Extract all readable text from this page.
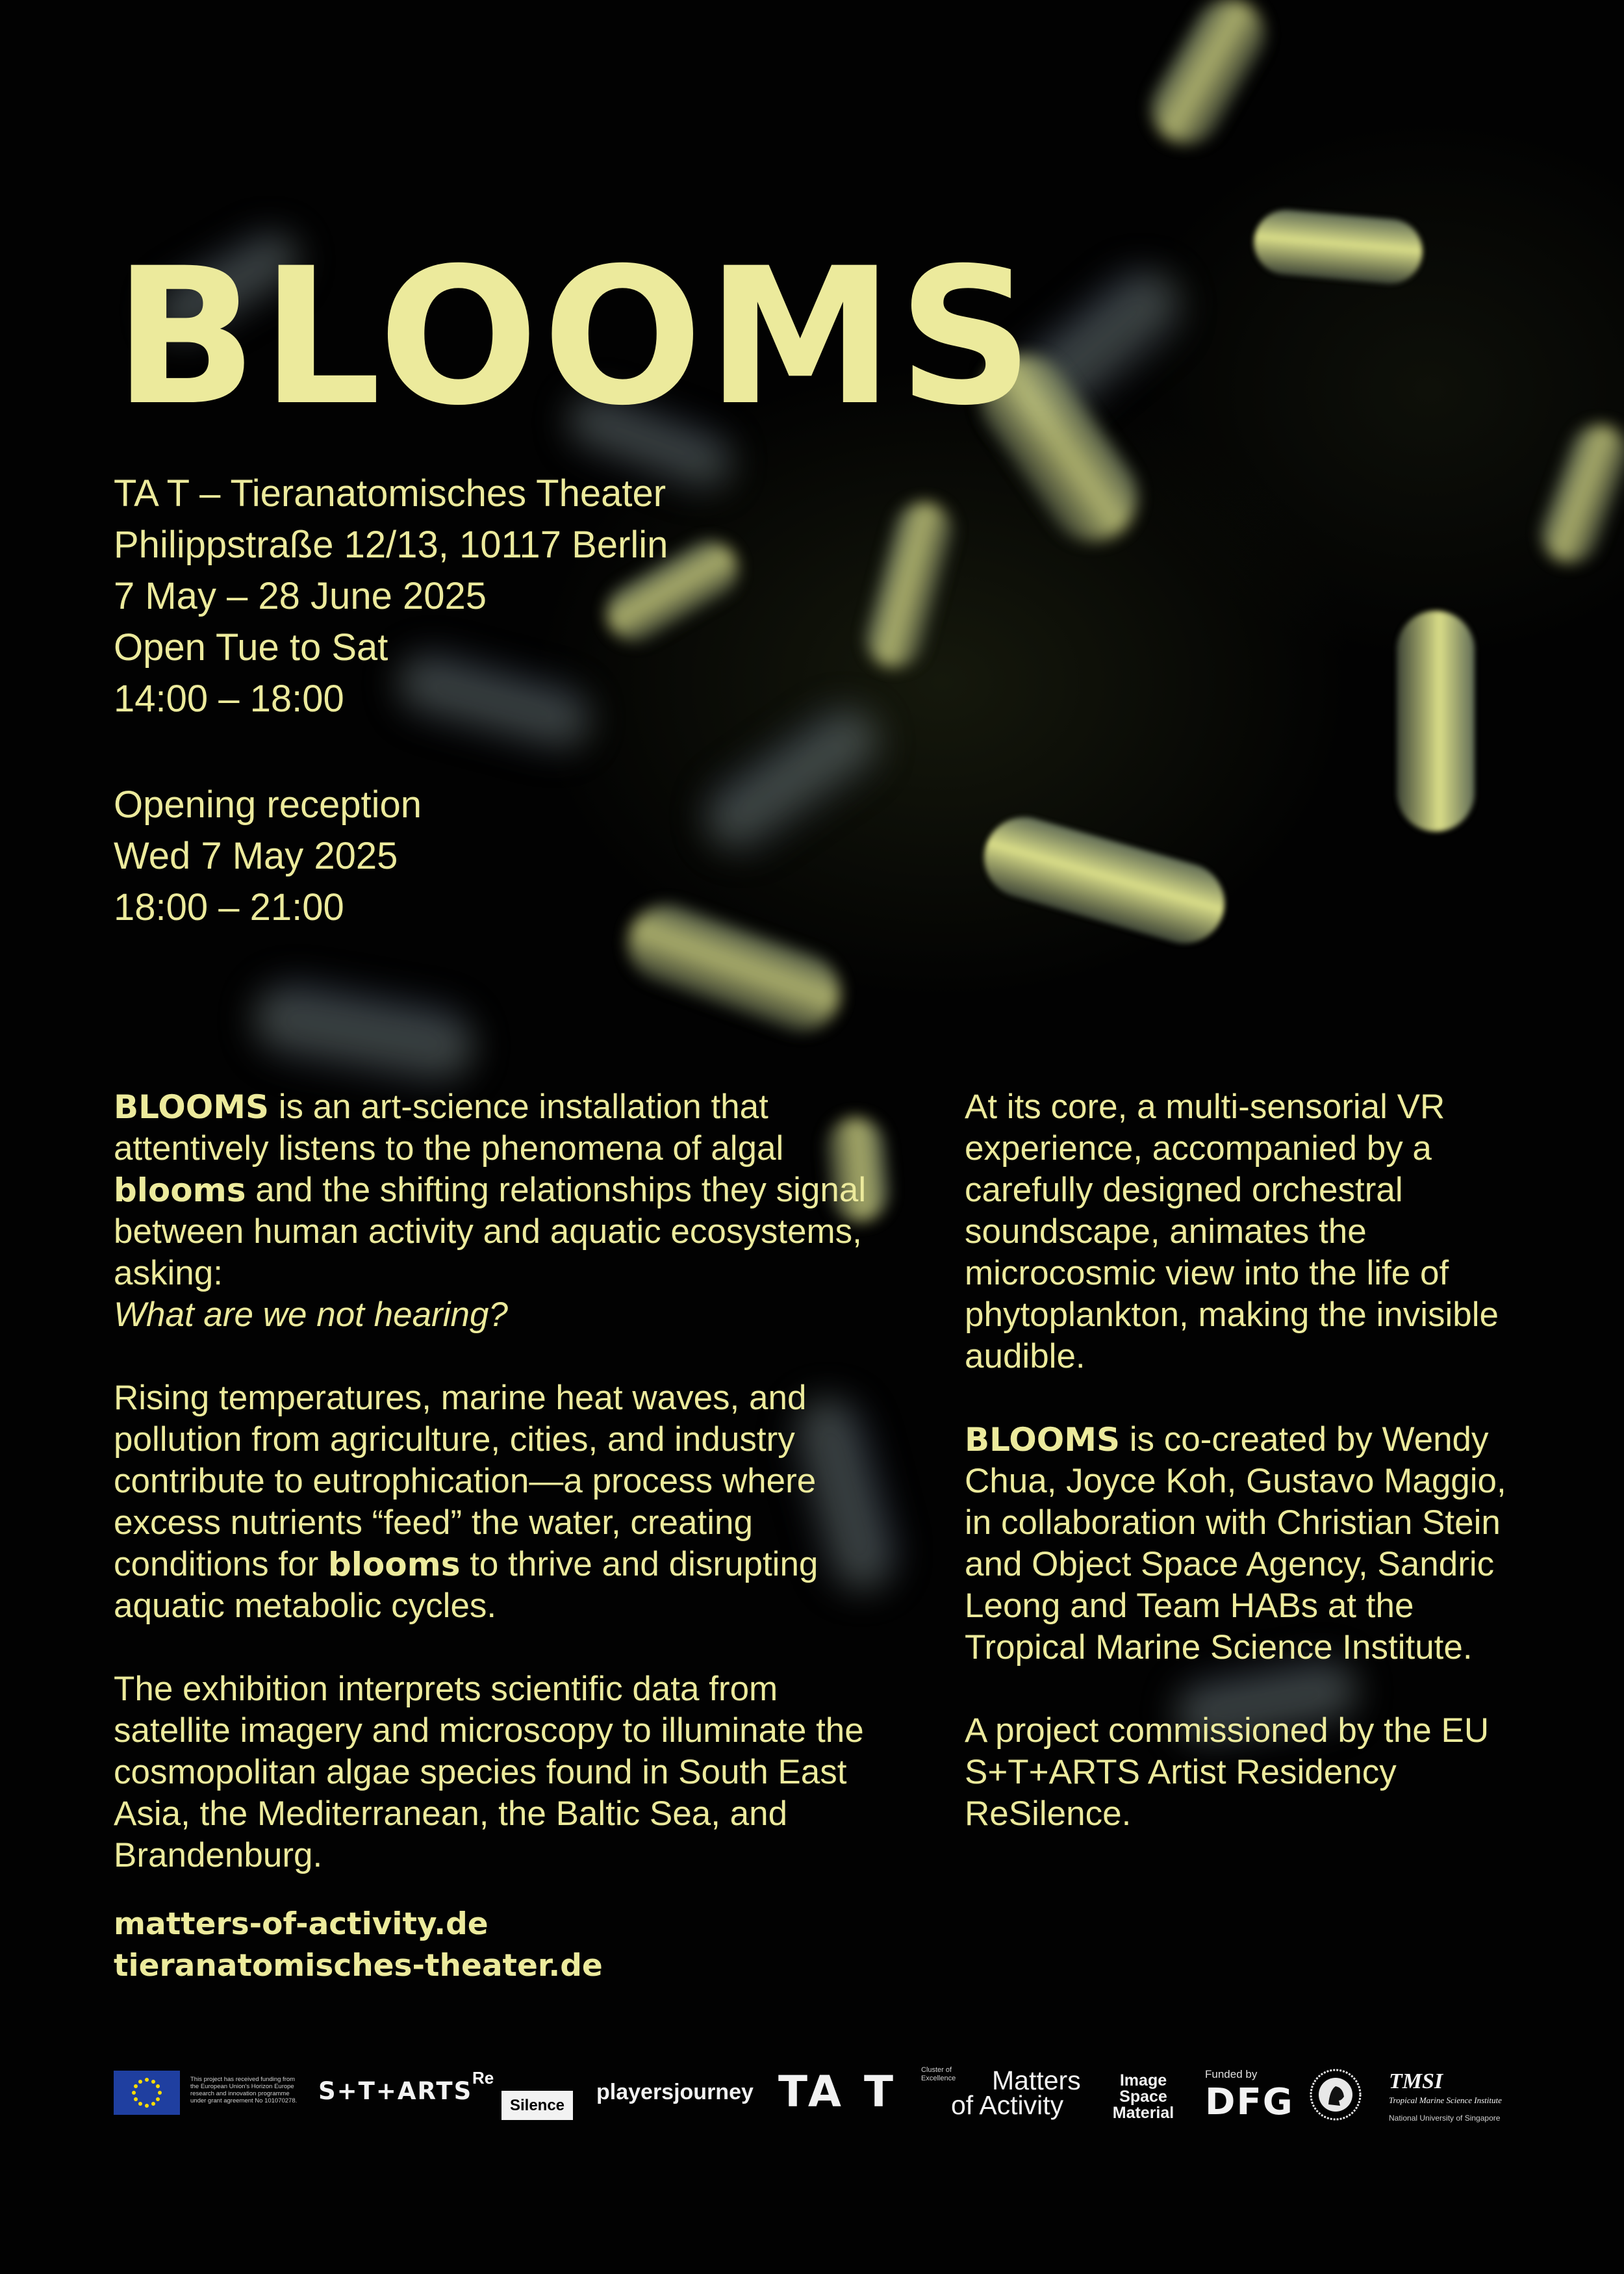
BLOOMS
TA T – Tieranatomisches Theater
Philippstraße 12/13, 10117 Berlin
7 May – 28 June 2025
Open Tue to Sat
14:00 – 18:00
Opening reception
Wed 7 May 2025
18:00 – 21:00

BLOOMS is an art-science installation that attentively listens to the phenomena of algal blooms and the shifting relationships they signal between human activity and aquatic ecosystems, asking:
What are we not hearing?

Rising temperatures, marine heat waves, and pollution from agriculture, cities, and industry contribute to eutrophication—a process where excess nutrients “feed” the water, creating conditions for blooms to thrive and disrupting aquatic metabolic cycles.

The exhibition interprets scientific data from satellite imagery and microscopy to illuminate the cosmopolitan algae species found in South East Asia, the Mediterranean, the Baltic Sea, and Brandenburg.

At its core, a multi-sensorial VR experience, accompanied by a carefully designed orchestral soundscape, animates the microcosmic view into the life of phytoplankton, making the invisible audible.

BLOOMS is co-created by Wendy Chua, Joyce Koh, Gustavo Maggio, in collaboration with Christian Stein and Object Space Agency, Sandric Leong and Team HABs at the Tropical Marine Science Institute.

A project commissioned by the EU S+T+ARTS Artist Residency ReSilence.

matters-of-activity.de
tieranatomisches-theater.de
This project has received funding from the European Union's Horizon Europe research and innovation programme under grant agreement No 101070278. S+T+ARTS Re
Silence
playersjourney TA T	Cluster of Excellence	Matters
of Activity
Image Space Material
Funded by
DFG	TMSI
Tropical Marine Science Institute
National University of Singapore
